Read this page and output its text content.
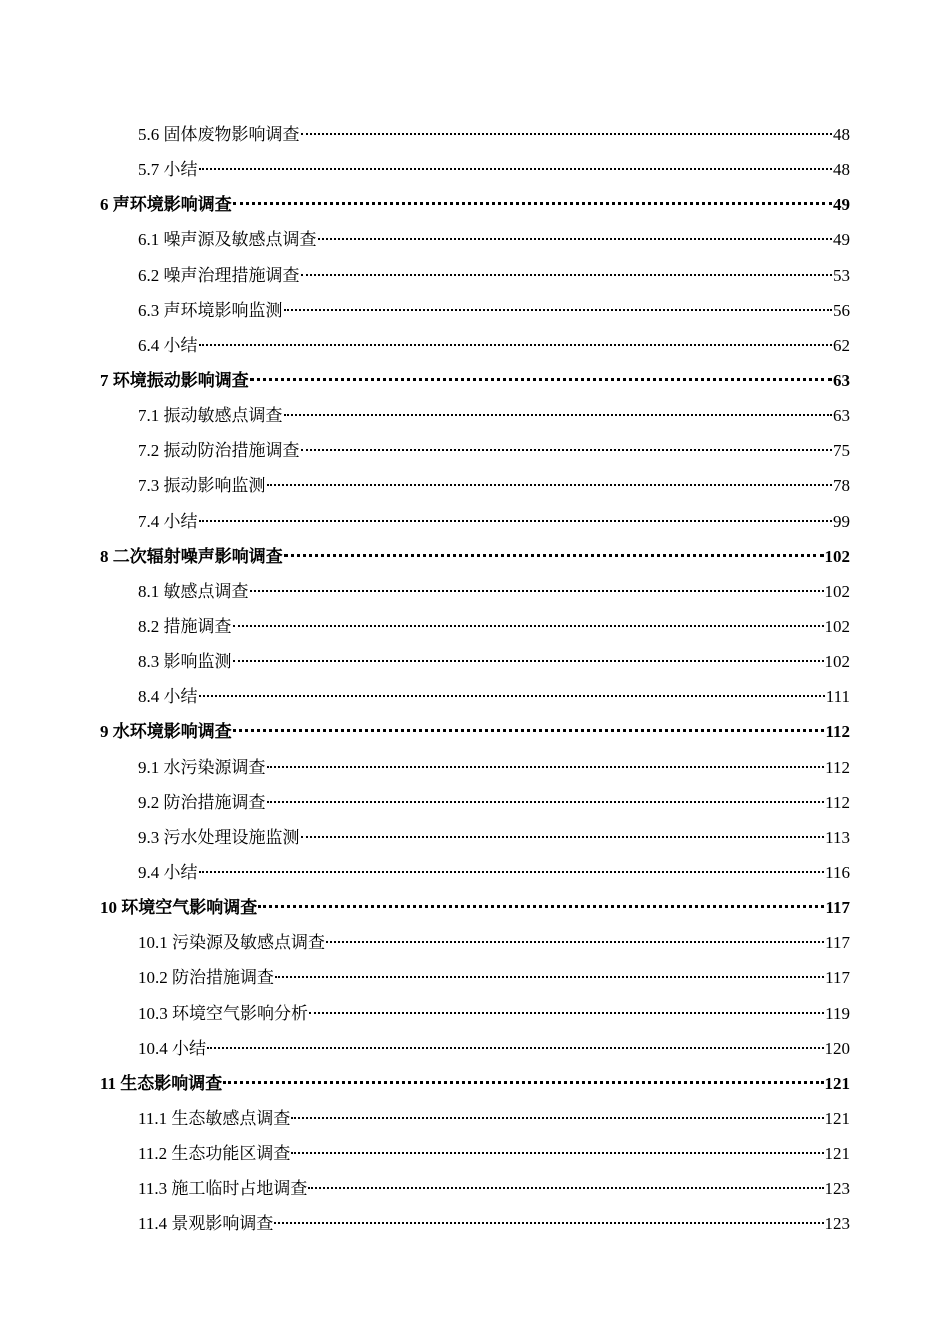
5.6 固体废物影响调查	48
5.7 小结	48
6 声环境影响调查	49
6.1 噪声源及敏感点调查	49
6.2 噪声治理措施调查	53
6.3 声环境影响监测	56
6.4 小结	62
7 环境振动影响调查	63
7.1 振动敏感点调查	63
7.2 振动防治措施调查	75
7.3 振动影响监测	78
7.4 小结	99
8 二次辐射噪声影响调查	102
8.1 敏感点调查	102
8.2 措施调查	102
8.3 影响监测	102
8.4 小结	111
9 水环境影响调查	112
9.1 水污染源调查	112
9.2 防治措施调查	112
9.3 污水处理设施监测	113
9.4 小结	116
10 环境空气影响调查	117
10.1 污染源及敏感点调查	117
10.2 防治措施调查	117
10.3 环境空气影响分析	119
10.4 小结	120
11 生态影响调查	121
11.1 生态敏感点调查	121
11.2 生态功能区调查	121
11.3 施工临时占地调查	123
11.4 景观影响调查	123
